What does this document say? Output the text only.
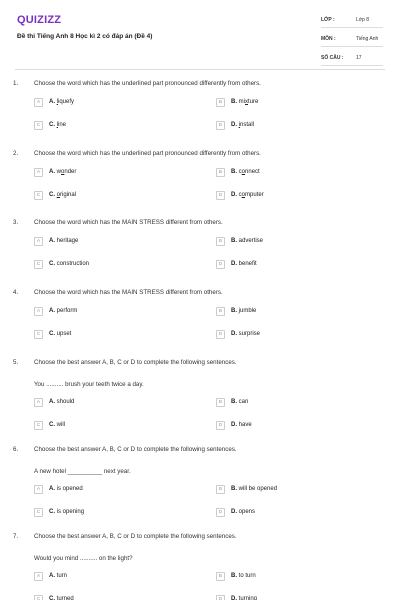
QUIZIZZ
Đề thi Tiếng Anh 8 Học kì 2 có đáp án (Đề 4)
LỚP :	Lớp 8
MÔN :	Tiếng Anh
SỐ CÂU :	17
1.	Choose the word which has the underlined part pronounced differently from others.
A	A. liquefy	B	B. mixture
C	C. line	D	D. install
2.	Choose the word which has the underlined part pronounced differently from others.
A	A. wonder	B	B. connect
C	C. original	D	D. computer
3.	Choose the word which has the MAIN STRESS different from others.
A	A. heritage	B	B. advertise
C	C. construction	D	D. benefit
4.	Choose the word which has the MAIN STRESS different from others.
A	A. perform	B	B. jumble
C	C. upset	D	D. surprise
5.	Choose the best answer A, B, C or D to complete the following sentences.
You .......... brush your teeth twice a day.
A	A. should	B	B. can
C	C. will	D	D. have
6.	Choose the best answer A, B, C or D to complete the following sentences.
A new hotel __________ next year.
A	A. is opened	B	B. will be opened
C	C. is opening	D	D. opens
7.	Choose the best answer A, B, C or D to complete the following sentences.
Would you mind .......... on the light?
A	A. turn	B	B. to turn
C	C. turned	D	D. turning
